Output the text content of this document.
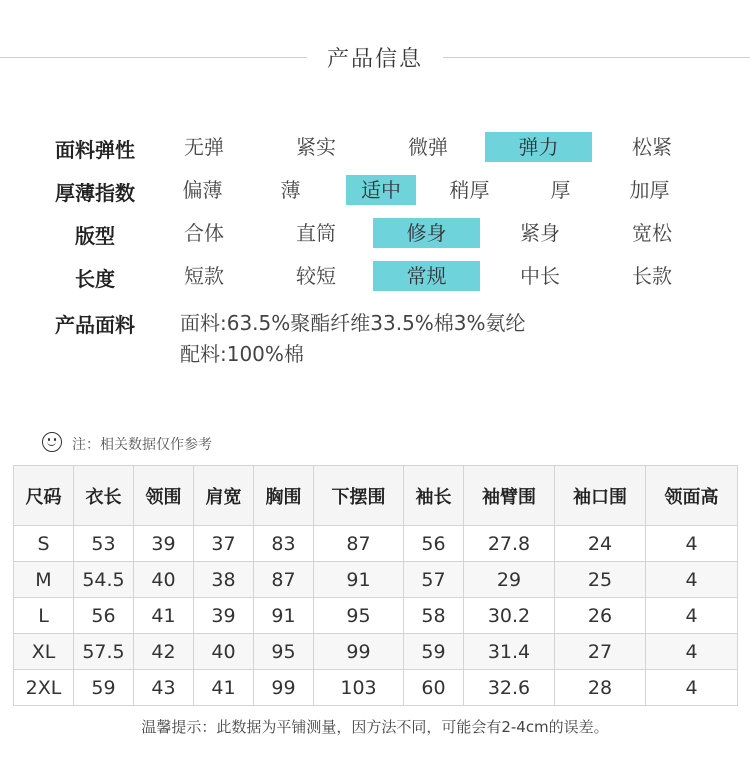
产品信息
面料弹性	无弹	紧实	微弹	弹力	松紧
厚薄指数	偏薄	薄	适中	稍厚	厚	加厚
版型	合体	直筒	修身	紧身	宽松
长度	短款	较短	常规	中长	长款
产品面料	面料:63.5%聚酯纤维33.5%棉3%氨纶
配料:100%棉
注：相关数据仅作参考
尺码	衣长	领围	肩宽	胸围	下摆围	袖长	袖臂围	袖口围	领面高
S	53	39	37	83	87	56	27.8	24	4
M	54.5	40	38	87	91	57	29	25	4
L	56	41	39	91	95	58	30.2	26	4
XL	57.5	42	40	95	99	59	31.4	27	4
2XL	59	43	41	99	103	60	32.6	28	4
温馨提示：此数据为平铺测量，因方法不同，可能会有2-4cm的误差。
